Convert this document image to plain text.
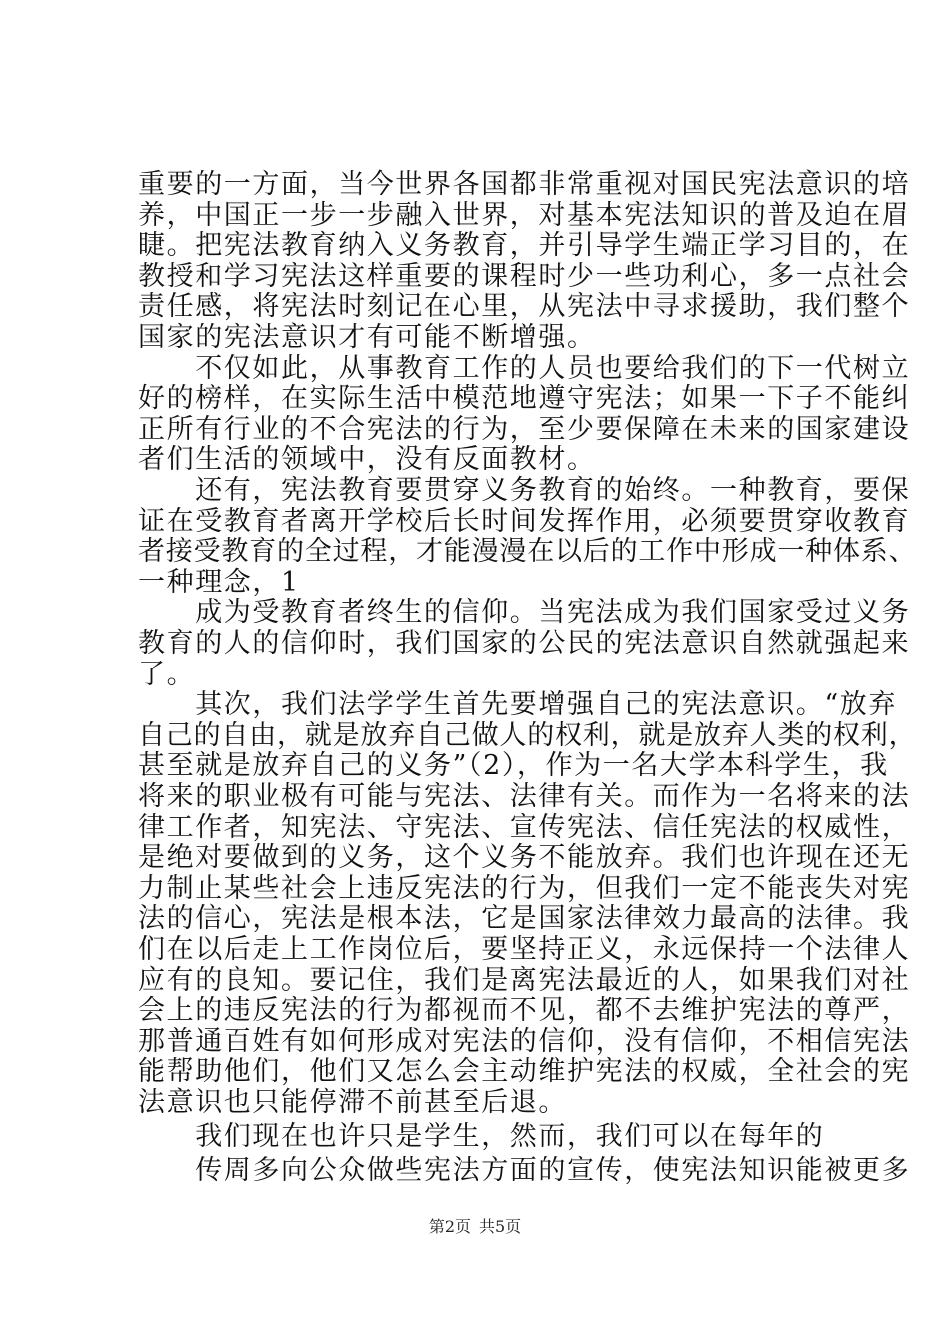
重要的一方面，当今世界各国都非常重视对国民宪法意识的培
养，中国正一步一步融入世界，对基本宪法知识的普及迫在眉
睫。把宪法教育纳入义务教育，并引导学生端正学习目的，在
教授和学习宪法这样重要的课程时少一些功利心，多一点社会
责任感，将宪法时刻记在心里，从宪法中寻求援助，我们整个
国家的宪法意识才有可能不断增强。
　　不仅如此，从事教育工作的人员也要给我们的下一代树立
好的榜样，在实际生活中模范地遵守宪法；如果一下子不能纠
正所有行业的不合宪法的行为，至少要保障在未来的国家建设
者们生活的领域中，没有反面教材。
　　还有，宪法教育要贯穿义务教育的始终。一种教育，要保
证在受教育者离开学校后长时间发挥作用，必须要贯穿收教育
者接受教育的全过程，才能漫漫在以后的工作中形成一种体系、
一种理念，1
　　成为受教育者终生的信仰。当宪法成为我们国家受过义务
教育的人的信仰时，我们国家的公民的宪法意识自然就强起来
了。
　　其次，我们法学学生首先要增强自己的宪法意识。“放弃
自己的自由，就是放弃自己做人的权利，就是放弃人类的权利，
甚至就是放弃自己的义务”（2），作为一名大学本科学生，我
将来的职业极有可能与宪法、法律有关。而作为一名将来的法
律工作者，知宪法、守宪法、宣传宪法、信任宪法的权威性，
是绝对要做到的义务，这个义务不能放弃。我们也许现在还无
力制止某些社会上违反宪法的行为，但我们一定不能丧失对宪
法的信心，宪法是根本法，它是国家法律效力最高的法律。我
们在以后走上工作岗位后，要坚持正义，永远保持一个法律人
应有的良知。要记住，我们是离宪法最近的人，如果我们对社
会上的违反宪法的行为都视而不见，都不去维护宪法的尊严，
那普通百姓有如何形成对宪法的信仰，没有信仰，不相信宪法
能帮助他们，他们又怎么会主动维护宪法的权威，全社会的宪
法意识也只能停滞不前甚至后退。
　　我们现在也许只是学生，然而，我们可以在每年的
　　传周多向公众做些宪法方面的宣传，使宪法知识能被更多
第2页 共5页
